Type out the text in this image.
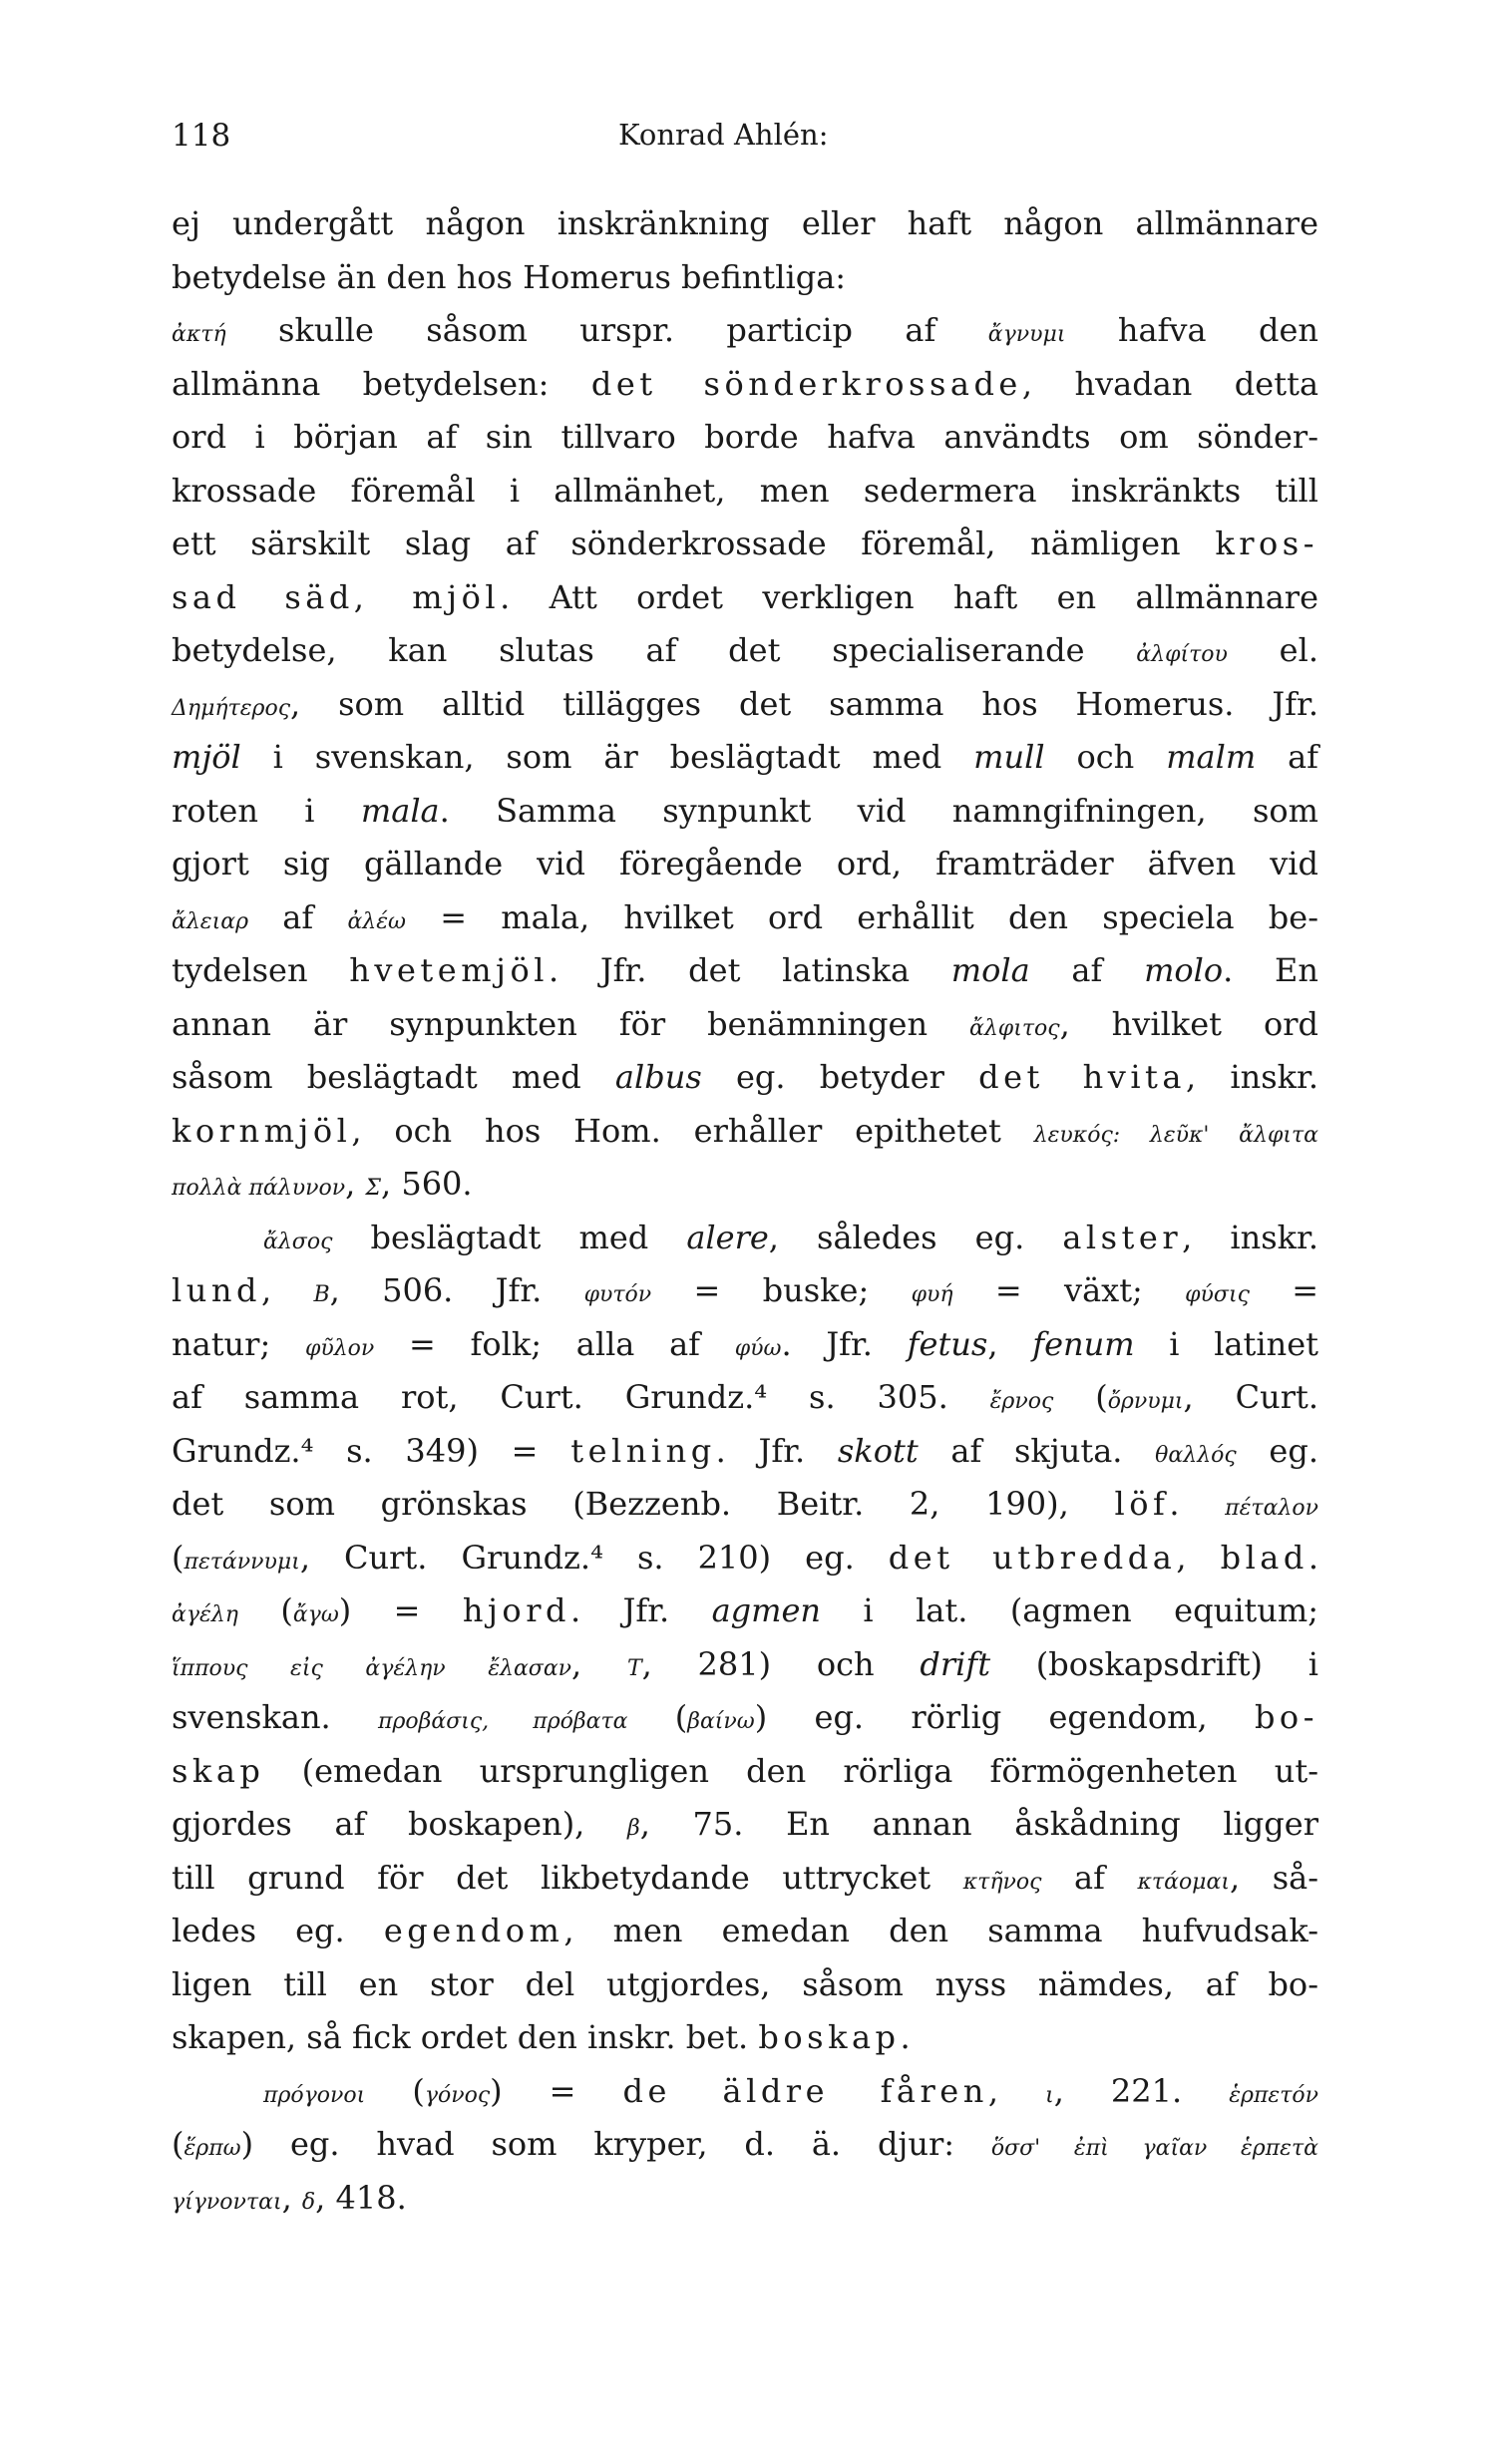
118	Konrad Ahlén:
ej undergått någon inskränkning eller haft någon allmännare
betydelse än den hos Homerus befintliga:
ἀκτή skulle såsom urspr. particip af ἄγνυμι hafva den
allmänna betydelsen: det sönderkrossade, hvadan detta
ord i början af sin tillvaro borde hafva användts om sönder-
krossade föremål i allmänhet, men sedermera inskränkts till
ett särskilt slag af sönderkrossade föremål, nämligen kros-
sad säd, mjöl. Att ordet verkligen haft en allmännare
betydelse, kan slutas af det specialiserande ἀλφίτου el.
Δημήτερος, som alltid tillägges det samma hos Homerus. Jfr.
mjöl i svenskan, som är beslägtadt med mull och malm af
roten i mala. Samma synpunkt vid namngifningen, som
gjort sig gällande vid föregående ord, framträder äfven vid
ἄλειαρ af ἀλέω = mala, hvilket ord erhållit den speciela be-
tydelsen hvetemjöl. Jfr. det latinska mola af molo. En
annan är synpunkten för benämningen ἄλφιτος, hvilket ord
såsom beslägtadt med albus eg. betyder det hvita, inskr.
kornmjöl, och hos Hom. erhåller epithetet λευκός: λεῦκ' ἄλφιτα
πολλὰ πάλυνον, Σ, 560.
ἄλσος beslägtadt med alere, således eg. alster, inskr.
lund, Β, 506. Jfr. φυτόν = buske; φυή = växt; φύσις =
natur; φῦλον = folk; alla af φύω. Jfr. fetus, fenum i latinet
af samma rot, Curt. Grundz.⁴ s. 305. ἔρνος (ὄρνυμι, Curt.
Grundz.⁴ s. 349) = telning. Jfr. skott af skjuta. θαλλός eg.
det som grönskas (Bezzenb. Beitr. 2, 190), löf. πέταλον
(πετάννυμι, Curt. Grundz.⁴ s. 210) eg. det utbredda, blad.
ἀγέλη (ἄγω) = hjord. Jfr. agmen i lat. (agmen equitum;
ἵππους εἰς ἀγέλην ἔλασαν, Τ, 281) och drift (boskapsdrift) i
svenskan. προβάσις, πρόβατα (βαίνω) eg. rörlig egendom, bo-
skap (emedan ursprungligen den rörliga förmögenheten ut-
gjordes af boskapen), β, 75. En annan åskådning ligger
till grund för det likbetydande uttrycket κτῆνος af κτάομαι, så-
ledes eg. egendom, men emedan den samma hufvudsak-
ligen till en stor del utgjordes, såsom nyss nämdes, af bo-
skapen, så fick ordet den inskr. bet. boskap.
πρόγονοι (γόνος) = de äldre fåren, ι, 221. ἑρπετόν
(ἕρπω) eg. hvad som kryper, d. ä. djur: ὅσσ' ἐπὶ γαῖαν ἑρπετὰ
γίγνονται, δ, 418.
